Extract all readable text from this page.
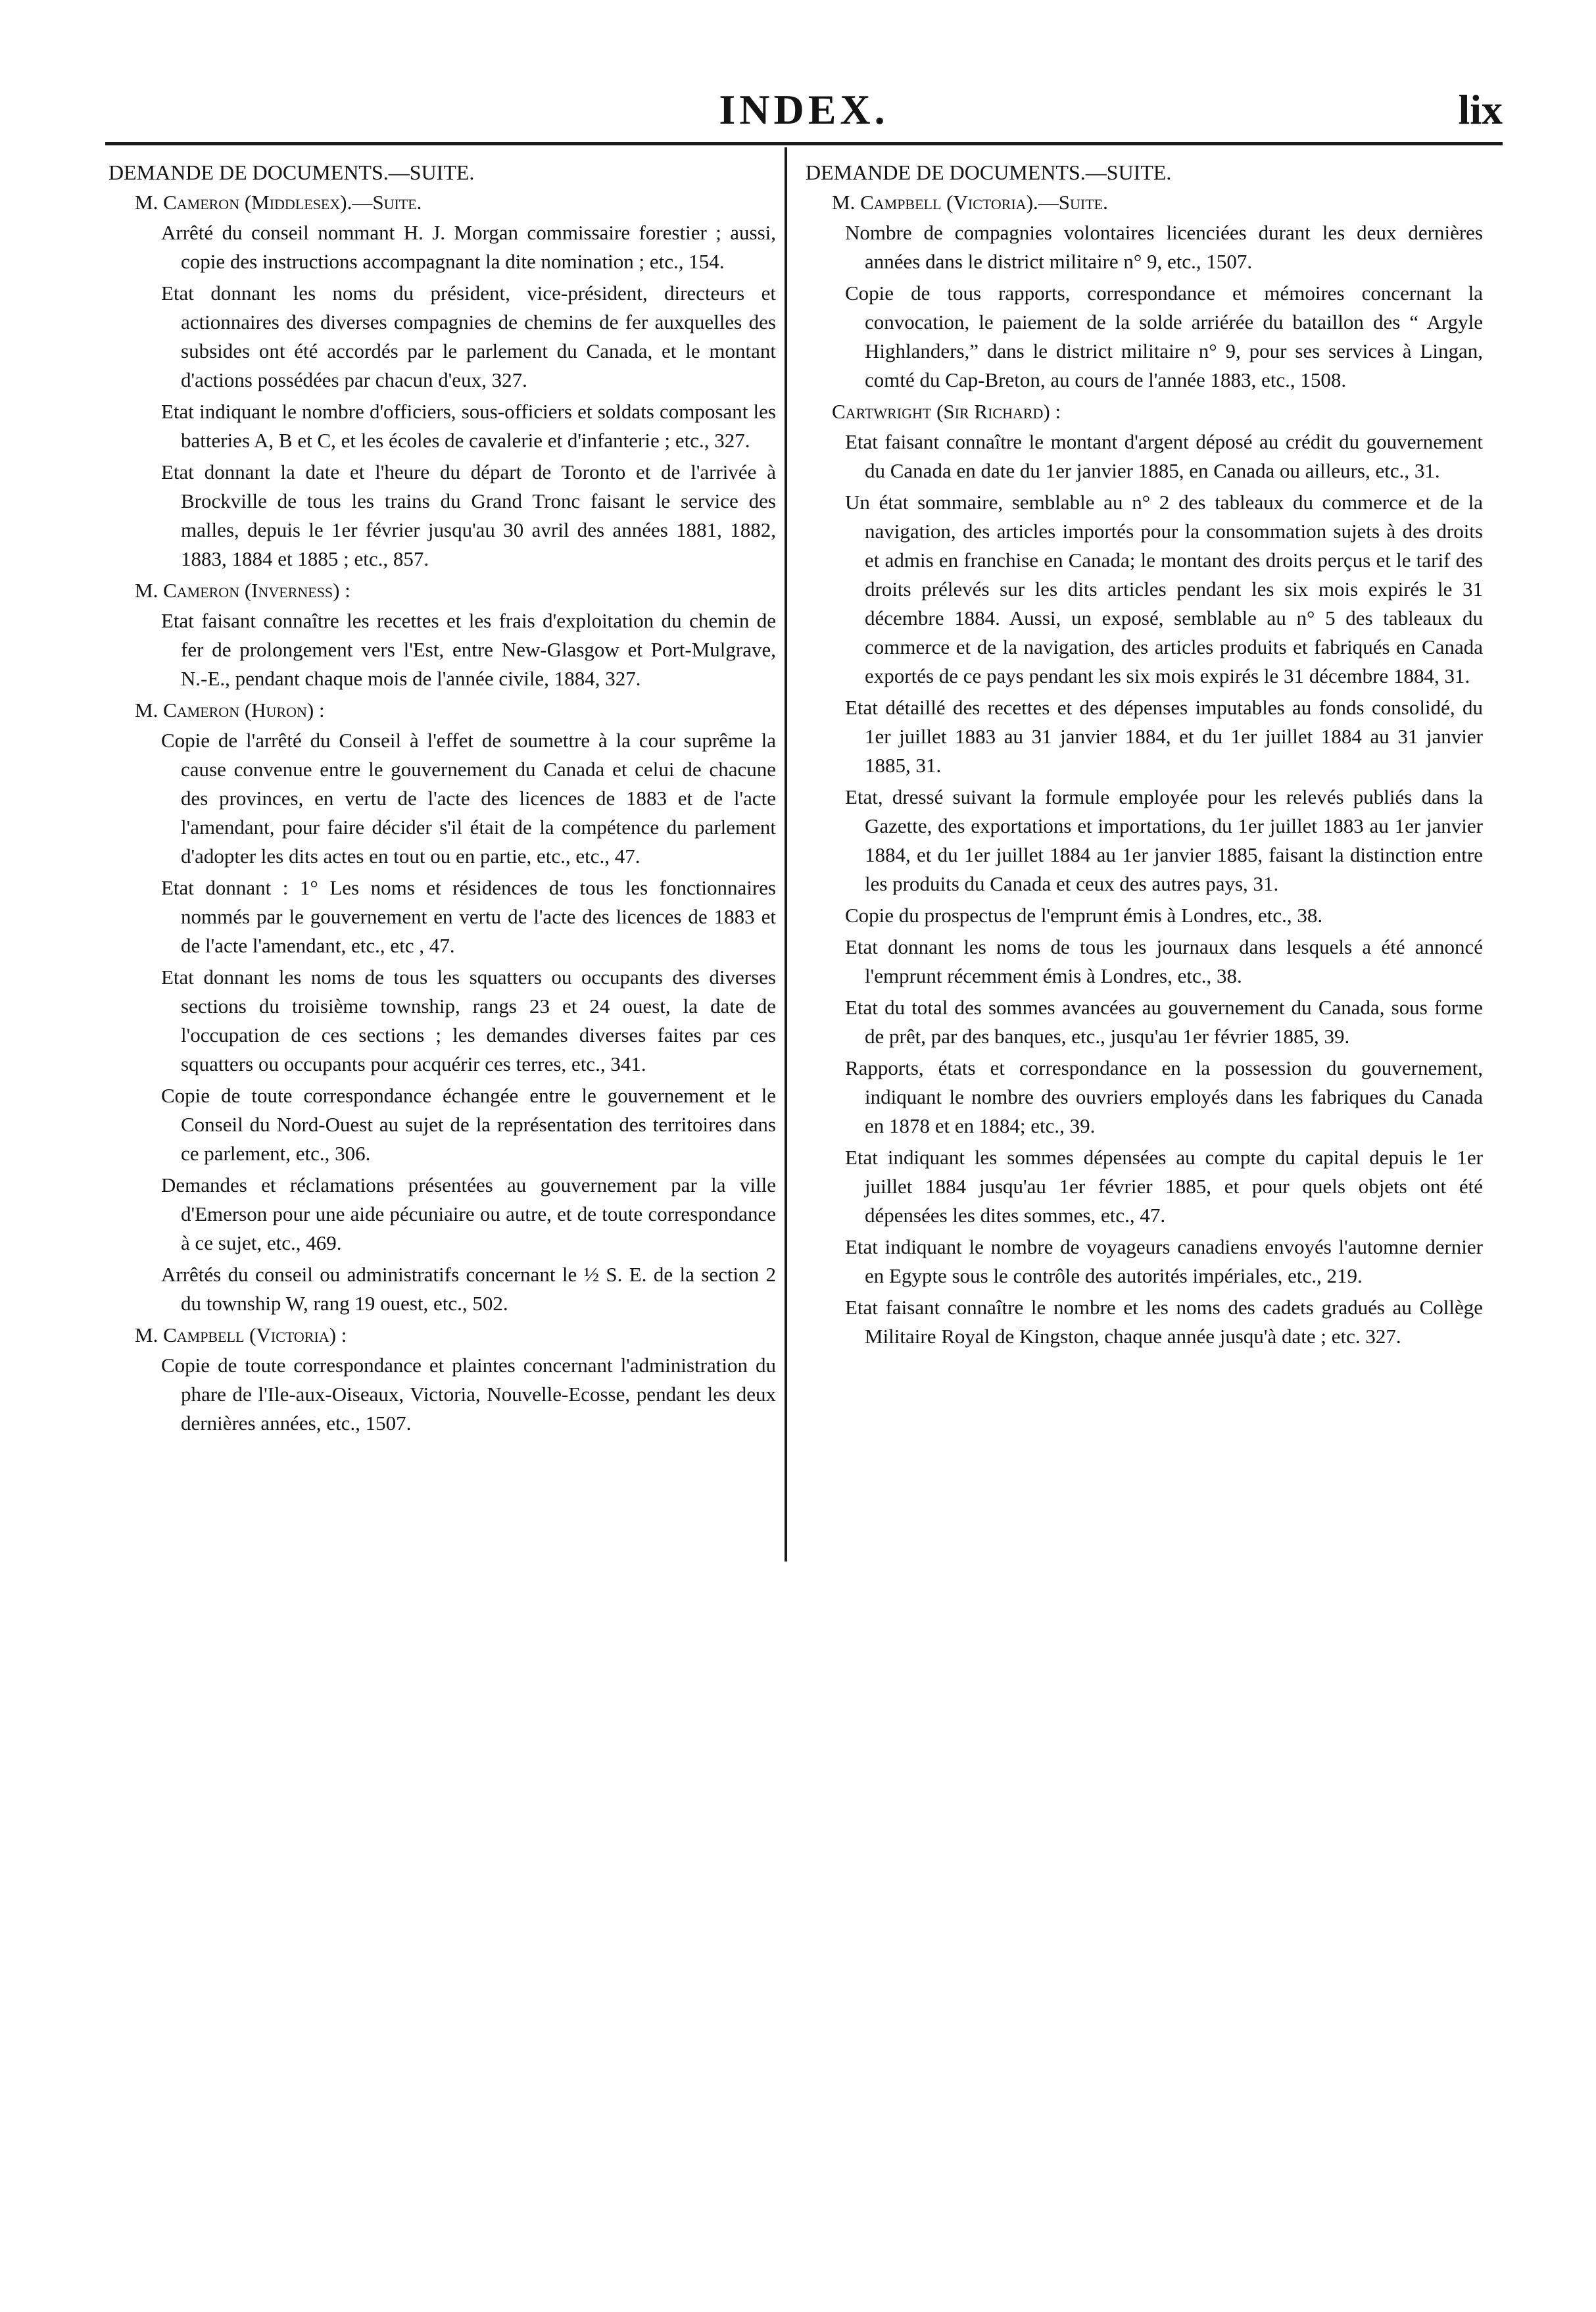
INDEX.	lix
DEMANDE DE DOCUMENTS.—SUITE.
M. Cameron (Middlesex).—Suite.
Arrêté du conseil nommant H. J. Morgan commissaire forestier ; aussi, copie des instructions accompagnant la dite nomination ; etc., 154.
Etat donnant les noms du président, vice-président, directeurs et actionnaires des diverses compagnies de chemins de fer auxquelles des subsides ont été accordés par le parlement du Canada, et le montant d'actions possédées par chacun d'eux, 327.
Etat indiquant le nombre d'officiers, sous-officiers et soldats composant les batteries A, B et C, et les écoles de cavalerie et d'infanterie ; etc., 327.
Etat donnant la date et l'heure du départ de Toronto et de l'arrivée à Brockville de tous les trains du Grand Tronc faisant le service des malles, depuis le 1er février jusqu'au 30 avril des années 1881, 1882, 1883, 1884 et 1885 ; etc., 857.
M. Cameron (Inverness) :
Etat faisant connaître les recettes et les frais d'exploitation du chemin de fer de prolongement vers l'Est, entre New-Glasgow et Port-Mulgrave, N.-E., pendant chaque mois de l'année civile, 1884, 327.
M. Cameron (Huron) :
Copie de l'arrêté du Conseil à l'effet de soumettre à la cour suprême la cause convenue entre le gouvernement du Canada et celui de chacune des provinces, en vertu de l'acte des licences de 1883 et de l'acte l'amendant, pour faire décider s'il était de la compétence du parlement d'adopter les dits actes en tout ou en partie, etc., etc., 47.
Etat donnant : 1° Les noms et résidences de tous les fonctionnaires nommés par le gouvernement en vertu de l'acte des licences de 1883 et de l'acte l'amendant, etc., etc , 47.
Etat donnant les noms de tous les squatters ou occupants des diverses sections du troisième township, rangs 23 et 24 ouest, la date de l'occupation de ces sections ; les demandes diverses faites par ces squatters ou occupants pour acquérir ces terres, etc., 341.
Copie de toute correspondance échangée entre le gouvernement et le Conseil du Nord-Ouest au sujet de la représentation des territoires dans ce parlement, etc., 306.
Demandes et réclamations présentées au gouvernement par la ville d'Emerson pour une aide pécuniaire ou autre, et de toute correspondance à ce sujet, etc., 469.
Arrêtés du conseil ou administratifs concernant le ½ S. E. de la section 2 du township W, rang 19 ouest, etc., 502.
M. Campbell (Victoria) :
Copie de toute correspondance et plaintes concernant l'administration du phare de l'Ile-aux-Oiseaux, Victoria, Nouvelle-Ecosse, pendant les deux dernières années, etc., 1507.
DEMANDE DE DOCUMENTS.—SUITE.
M. Campbell (Victoria).—Suite.
Nombre de compagnies volontaires licenciées durant les deux dernières années dans le district militaire n° 9, etc., 1507.
Copie de tous rapports, correspondance et mémoires concernant la convocation, le paiement de la solde arriérée du bataillon des “ Argyle Highlanders,” dans le district militaire n° 9, pour ses services à Lingan, comté du Cap-Breton, au cours de l'année 1883, etc., 1508.
Cartwright (Sir Richard) :
Etat faisant connaître le montant d'argent déposé au crédit du gouvernement du Canada en date du 1er janvier 1885, en Canada ou ailleurs, etc., 31.
Un état sommaire, semblable au n° 2 des tableaux du commerce et de la navigation, des articles importés pour la consommation sujets à des droits et admis en franchise en Canada; le montant des droits perçus et le tarif des droits prélevés sur les dits articles pendant les six mois expirés le 31 décembre 1884. Aussi, un exposé, semblable au n° 5 des tableaux du commerce et de la navigation, des articles produits et fabriqués en Canada exportés de ce pays pendant les six mois expirés le 31 décembre 1884, 31.
Etat détaillé des recettes et des dépenses imputables au fonds consolidé, du 1er juillet 1883 au 31 janvier 1884, et du 1er juillet 1884 au 31 janvier 1885, 31.
Etat, dressé suivant la formule employée pour les relevés publiés dans la Gazette, des exportations et importations, du 1er juillet 1883 au 1er janvier 1884, et du 1er juillet 1884 au 1er janvier 1885, faisant la distinction entre les produits du Canada et ceux des autres pays, 31.
Copie du prospectus de l'emprunt émis à Londres, etc., 38.
Etat donnant les noms de tous les journaux dans lesquels a été annoncé l'emprunt récemment émis à Londres, etc., 38.
Etat du total des sommes avancées au gouvernement du Canada, sous forme de prêt, par des banques, etc., jusqu'au 1er février 1885, 39.
Rapports, états et correspondance en la possession du gouvernement, indiquant le nombre des ouvriers employés dans les fabriques du Canada en 1878 et en 1884; etc., 39.
Etat indiquant les sommes dépensées au compte du capital depuis le 1er juillet 1884 jusqu'au 1er février 1885, et pour quels objets ont été dépensées les dites sommes, etc., 47.
Etat indiquant le nombre de voyageurs canadiens envoyés l'automne dernier en Egypte sous le contrôle des autorités impériales, etc., 219.
Etat faisant connaître le nombre et les noms des cadets gradués au Collège Militaire Royal de Kingston, chaque année jusqu'à date ; etc. 327.
